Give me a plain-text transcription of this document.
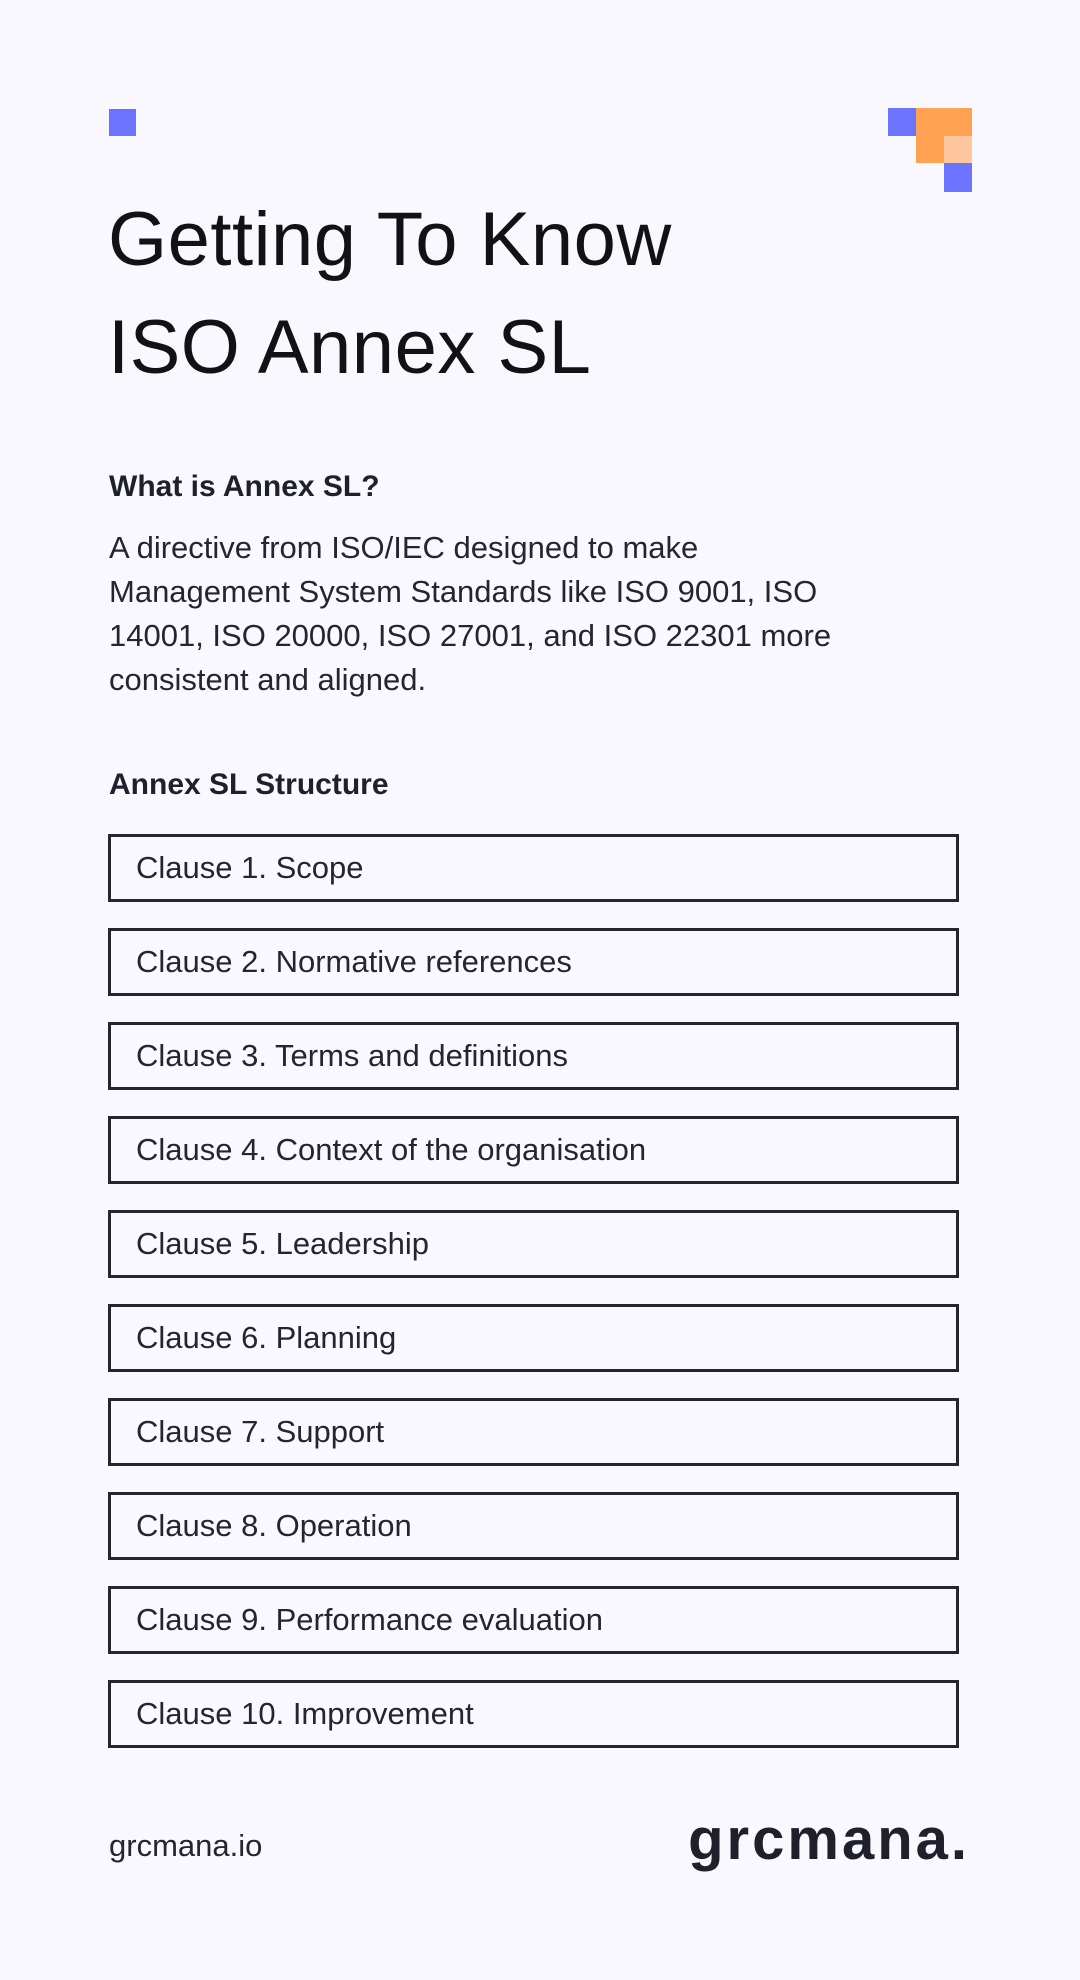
Getting To Know
ISO Annex SL
What is Annex SL?

A directive from ISO/IEC designed to make Management System Standards like ISO 9001, ISO 14001, ISO 20000, ISO 27001, and ISO 22301 more consistent and aligned.

Annex SL Structure
Clause 1. Scope
Clause 2. Normative references
Clause 3. Terms and definitions
Clause 4. Context of the organisation
Clause 5. Leadership
Clause 6. Planning
Clause 7. Support
Clause 8. Operation
Clause 9. Performance evaluation
Clause 10. Improvement
grcmana.io	grcmana.
